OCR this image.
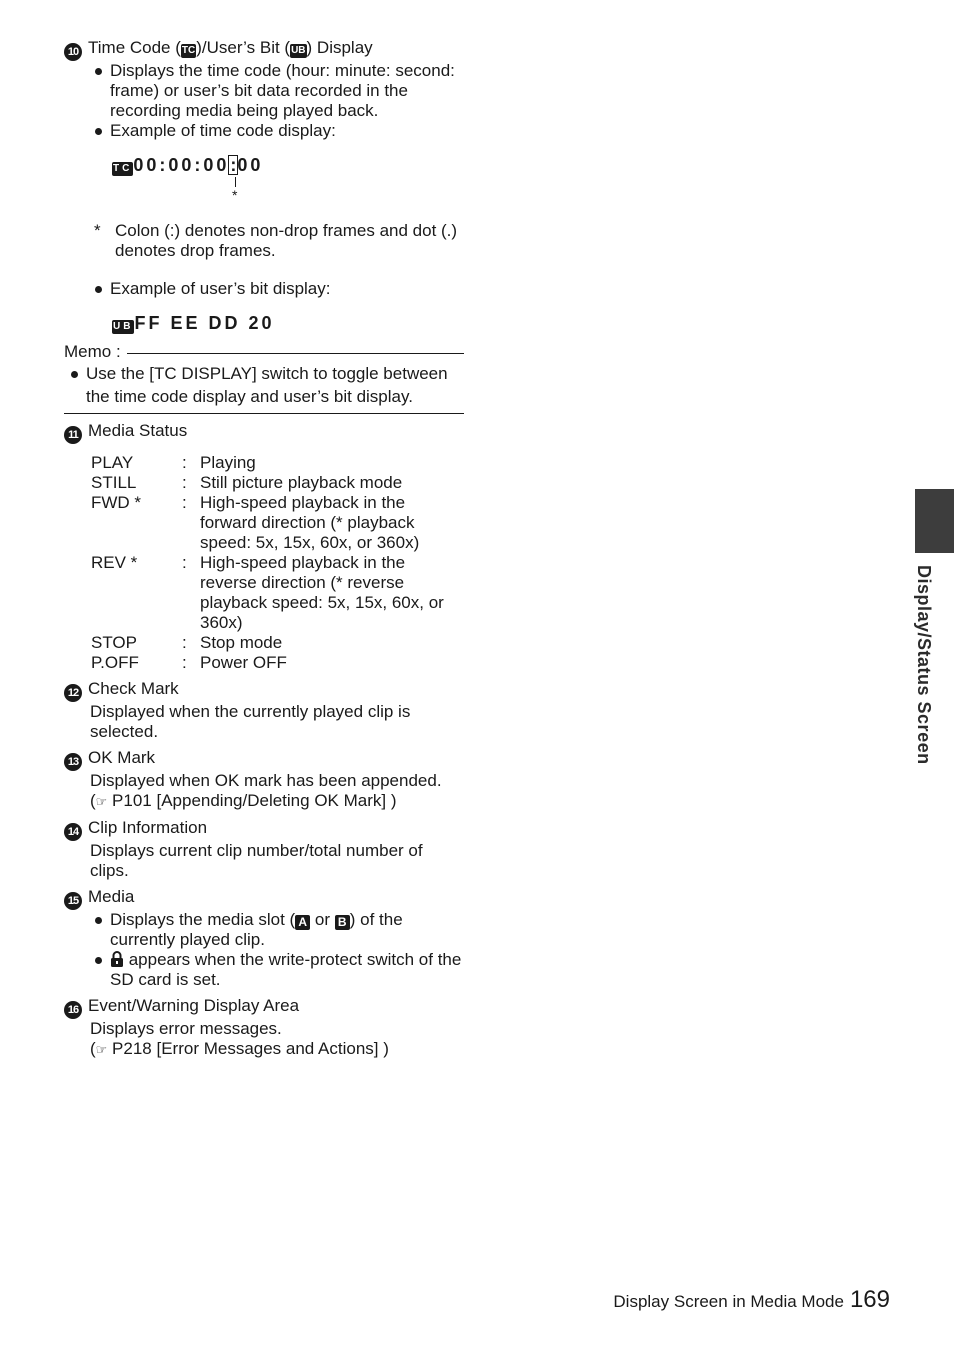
10 Time Code (TC)/User’s Bit (UB) Display
Displays the time code (hour: minute: second: frame) or user’s bit data recorded in the recording media being played back.
Example of time code display:
TC00:00:00:00
*
* Colon (:) denotes non-drop frames and dot (.) denotes drop frames.
Example of user’s bit display:
UBFF EE DD 20
Memo :
Use the [TC DISPLAY] switch to toggle between the time code display and user’s bit display.
11 Media Status
PLAY	:	Playing
STILL	:	Still picture playback mode
FWD *	:	High-speed playback in the forward direction (* playback speed: 5x, 15x, 60x, or 360x)
REV *	:	High-speed playback in the reverse direction (* reverse playback speed: 5x, 15x, 60x, or 360x)
STOP	:	Stop mode
P.OFF	:	Power OFF
12 Check Mark
Displayed when the currently played clip is selected.
13 OK Mark
Displayed when OK mark has been appended.
(☞ P101 [Appending/Deleting OK Mark] )
14 Clip Information
Displays current clip number/total number of clips.
15 Media
Displays the media slot ( A or B ) of the currently played clip.
appears when the write-protect switch of the SD card is set.
16 Event/Warning Display Area
Displays error messages.
(☞ P218 [Error Messages and Actions] )
Display/Status Screen
Display Screen in Media Mode 169
